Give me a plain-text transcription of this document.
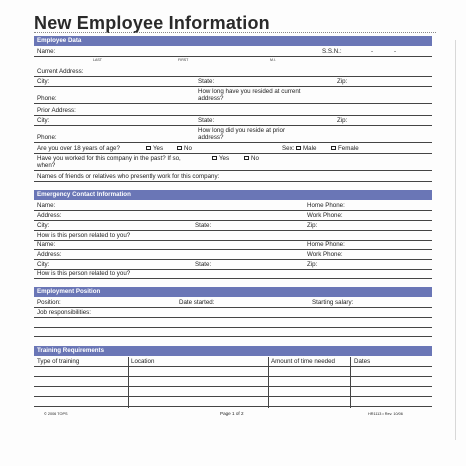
New Employee Information
Employee Data
Name:	S.S.N.:	-	-
LAST	FIRST	M.I.
Current Address:
City:	State:	Zip:
Phone:
How long have you resided at current address?
Prior Address:
City:	State:	Zip:
Phone:
How long did you reside at prior address?
Are you over 18 years of age?	Yes	No	Sex:	Male	Female
Have you worked for this company in the past? If so, when?
Yes	No
Names of friends or relatives who presently work for this company:
Emergency Contact Information
Name:	Home Phone:
Address:	Work Phone:
City:	State:	Zip:
How is this person related to you?
Name:	Home Phone:
Address:	Work Phone:
City:	State:	Zip:
How is this person related to you?
Employment Position
Position:	Date started:	Starting salary:
Job responsibilities:
Training Requirements
Type of training	Location	Amount of time needed	Dates
© 2006 TOPS	Page 1 of 2	HR1113 • Rev. 10/06
